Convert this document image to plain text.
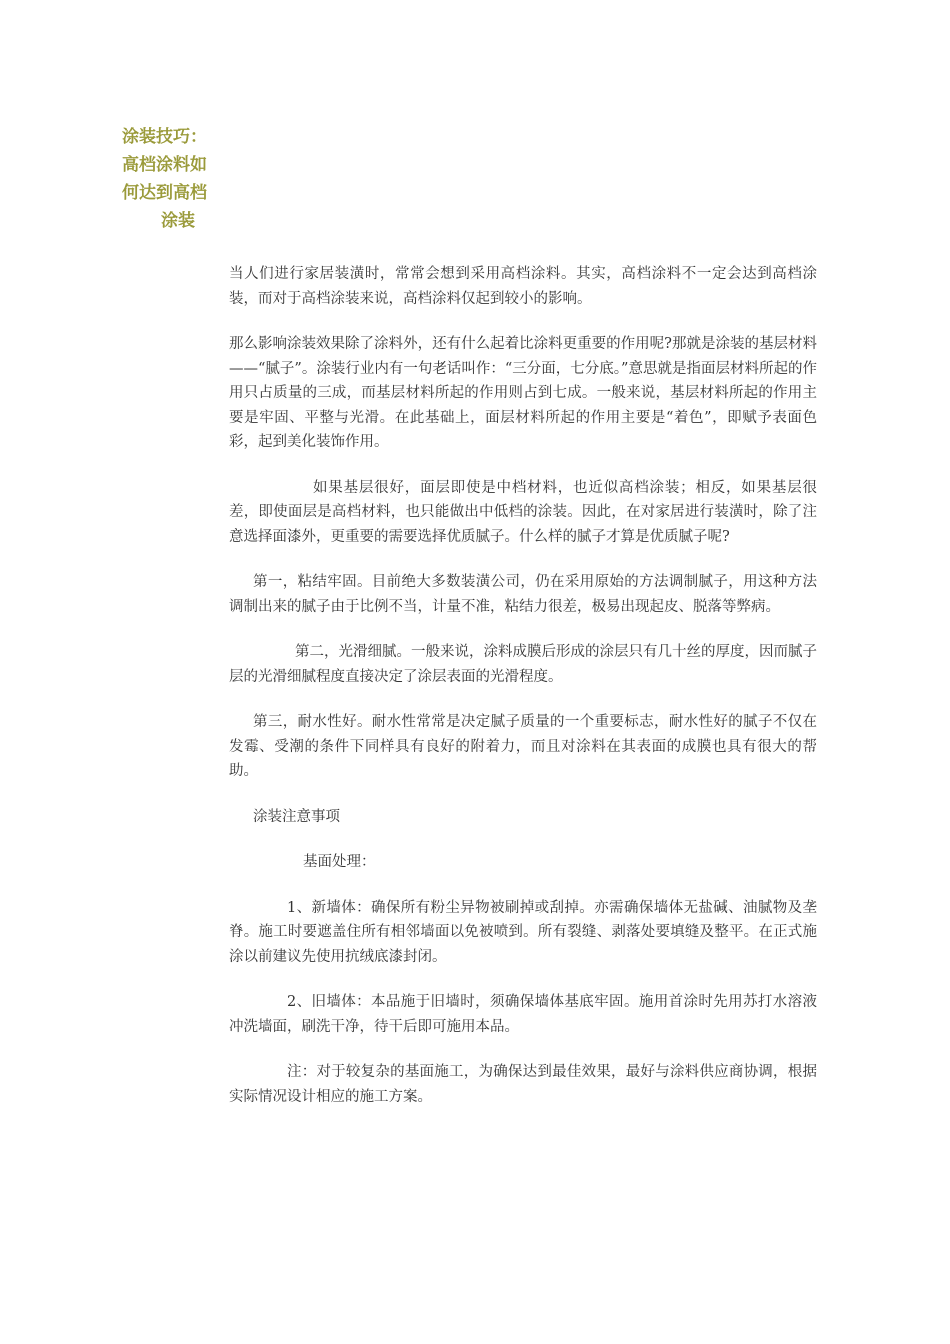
涂装技巧：
高档涂料如
何达到高档
涂装

当人们进行家居装潢时，常常会想到采用高档涂料。其实，高档涂料不一定会达到高档涂装，而对于高档涂装来说，高档涂料仅起到较小的影响。

那么影响涂装效果除了涂料外，还有什么起着比涂料更重要的作用呢?那就是涂装的基层材料——“腻子”。涂装行业内有一句老话叫作：“三分面，七分底。”意思就是指面层材料所起的作用只占质量的三成，而基层材料所起的作用则占到七成。一般来说，基层材料所起的作用主要是牢固、平整与光滑。在此基础上，面层材料所起的作用主要是“着色”，即赋予表面色彩，起到美化装饰作用。

如果基层很好，面层即使是中档材料，也近似高档涂装；相反，如果基层很差，即使面层是高档材料，也只能做出中低档的涂装。因此，在对家居进行装潢时，除了注意选择面漆外，更重要的需要选择优质腻子。什么样的腻子才算是优质腻子呢?

第一，粘结牢固。目前绝大多数装潢公司，仍在采用原始的方法调制腻子，用这种方法调制出来的腻子由于比例不当，计量不准，粘结力很差，极易出现起皮、脱落等弊病。

第二，光滑细腻。一般来说，涂料成膜后形成的涂层只有几十丝的厚度，因而腻子层的光滑细腻程度直接决定了涂层表面的光滑程度。

第三，耐水性好。耐水性常常是决定腻子质量的一个重要标志，耐水性好的腻子不仅在发霉、受潮的条件下同样具有良好的附着力，而且对涂料在其表面的成膜也具有很大的帮助。

涂装注意事项

基面处理：

1、新墙体：确保所有粉尘异物被刷掉或刮掉。亦需确保墙体无盐碱、油腻物及垄脊。施工时要遮盖住所有相邻墙面以免被喷到。所有裂缝、剥落处要填缝及整平。在正式施涂以前建议先使用抗绒底漆封闭。

2、旧墙体：本品施于旧墙时，须确保墙体基底牢固。施用首涂时先用苏打水溶液冲洗墙面，刷洗干净，待干后即可施用本品。

注：对于较复杂的基面施工，为确保达到最佳效果，最好与涂料供应商协调，根据实际情况设计相应的施工方案。
